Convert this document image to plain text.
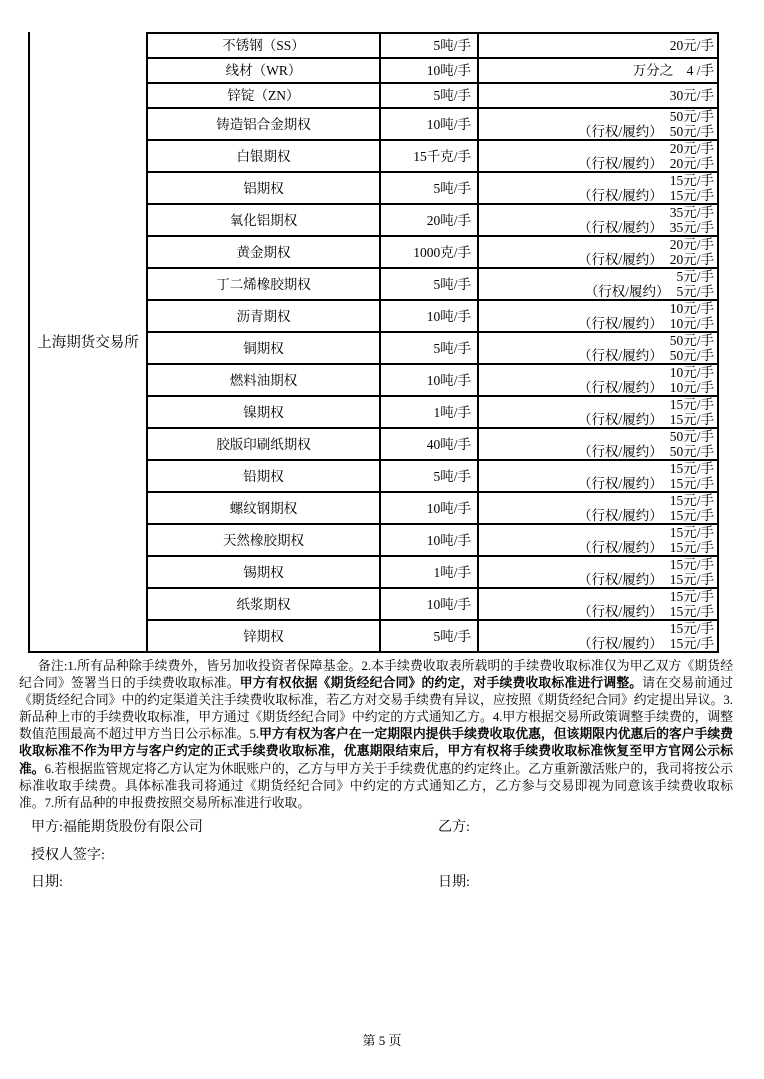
上海期货交易所
不锈钢（SS）	5吨/手	20元/手
线材（WR）	10吨/手	万分之　4 /手
锌锭（ZN）	5吨/手	30元/手
铸造铝合金期权	10吨/手	50元/手
（行权/履约） 50元/手
白银期权	15千克/手	20元/手
（行权/履约） 20元/手
铝期权	5吨/手	15元/手
（行权/履约） 15元/手
氧化铝期权	20吨/手	35元/手
（行权/履约） 35元/手
黄金期权	1000克/手	20元/手
（行权/履约） 20元/手
丁二烯橡胶期权	5吨/手	5元/手
（行权/履约） 5元/手
沥青期权	10吨/手	10元/手
（行权/履约） 10元/手
铜期权	5吨/手	50元/手
（行权/履约） 50元/手
燃料油期权	10吨/手	10元/手
（行权/履约） 10元/手
镍期权	1吨/手	15元/手
（行权/履约） 15元/手
胶版印刷纸期权	40吨/手	50元/手
（行权/履约） 50元/手
铅期权	5吨/手	15元/手
（行权/履约） 15元/手
螺纹钢期权	10吨/手	15元/手
（行权/履约） 15元/手
天然橡胶期权	10吨/手	15元/手
（行权/履约） 15元/手
锡期权	1吨/手	15元/手
（行权/履约） 15元/手
纸浆期权	10吨/手	15元/手
（行权/履约） 15元/手
锌期权	5吨/手	15元/手
（行权/履约） 15元/手

备注:1.所有品种除手续费外，皆另加收投资者保障基金。2.本手续费收取表所载明的手续费收取标准仅为甲乙双方《期货经纪合同》签署当日的手续费收取标准。甲方有权依据《期货经纪合同》的约定，对手续费收取标准进行调整。请在交易前通过《期货经纪合同》中的约定渠道关注手续费收取标准，若乙方对交易手续费有异议，应按照《期货经纪合同》约定提出异议。3. 新品种上市的手续费收取标准，甲方通过《期货经纪合同》中约定的方式通知乙方。4.甲方根据交易所政策调整手续费的，调整数值范围最高不超过甲方当日公示标准。5.甲方有权为客户在一定期限内提供手续费收取优惠，但该期限内优惠后的客户手续费收取标准不作为甲方与客户约定的正式手续费收取标准，优惠期限结束后，甲方有权将手续费收取标准恢复至甲方官网公示标准。6.若根据监管规定将乙方认定为休眠账户的，乙方与甲方关于手续费优惠的约定终止。乙方重新激活账户的，我司将按公示标准收取手续费。具体标准我司将通过《期货经纪合同》中约定的方式通知乙方，乙方参与交易即视为同意该手续费收取标准。7.所有品种的申报费按照交易所标准进行收取。

甲方:福能期货股份有限公司	乙方:
授权人签字:
日期:	日期:
第 5 页
